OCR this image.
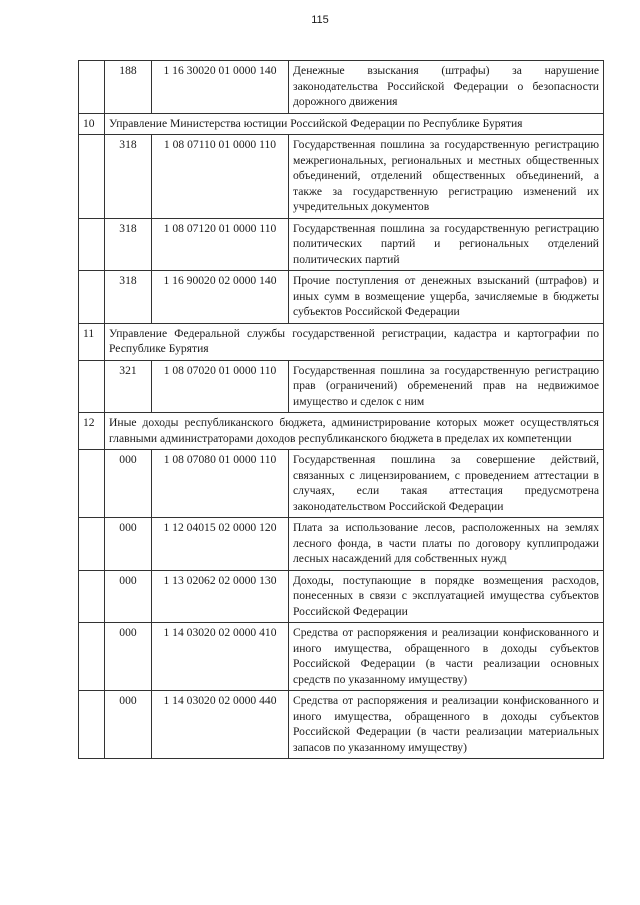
115
	188	1 16 30020 01 0000 140	Денежные взыскания (штрафы) за нарушение законодательства Российской Федерации о безопасности дорожного движения
10	Управление Министерства юстиции Российской Федерации по Республике Бурятия		
	318	1 08 07110 01 0000 110	Государственная пошлина за государственную регистрацию межрегиональных, региональных и местных общественных объединений, отделений общественных объединений, а также за государственную регистрацию изменений их учредительных документов
	318	1 08 07120 01 0000 110	Государственная пошлина за государственную регистрацию политических партий и региональных отделений политических партий
	318	1 16 90020 02 0000 140	Прочие поступления от денежных взысканий (штрафов) и иных сумм в возмещение ущерба, зачисляемые в бюджеты субъектов Российской Федерации
11	Управление Федеральной службы государственной регистрации, кадастра и картографии по Республике Бурятия		
	321	1 08 07020 01 0000 110	Государственная пошлина за государственную регистрацию прав (ограничений) обременений прав на недвижимое имущество и сделок с ним
12	Иные доходы республиканского бюджета, администрирование которых может осуществляться главными администраторами доходов республиканского бюджета в пределах их компетенции		
	000	1 08 07080 01 0000 110	Государственная пошлина за совершение действий, связанных с лицензированием, с проведением аттестации в случаях, если такая аттестация предусмотрена законодательством Российской Федерации
	000	1 12 04015 02 0000 120	Плата за использование лесов, расположенных на землях лесного фонда, в части платы по договору куплипродажи лесных насаждений для собственных нужд
	000	1 13 02062 02 0000 130	Доходы, поступающие в порядке возмещения расходов, понесенных в связи с эксплуатацией имущества субъектов Российской Федерации
	000	1 14 03020 02 0000 410	Средства от распоряжения и реализации конфискованного и иного имущества, обращенного в доходы субъектов Российской Федерации (в части реализации основных средств по указанному имуществу)
	000	1 14 03020 02 0000 440	Средства от распоряжения и реализации конфискованного и иного имущества, обращенного в доходы субъектов Российской Федерации (в части реализации материальных запасов по указанному имуществу)
